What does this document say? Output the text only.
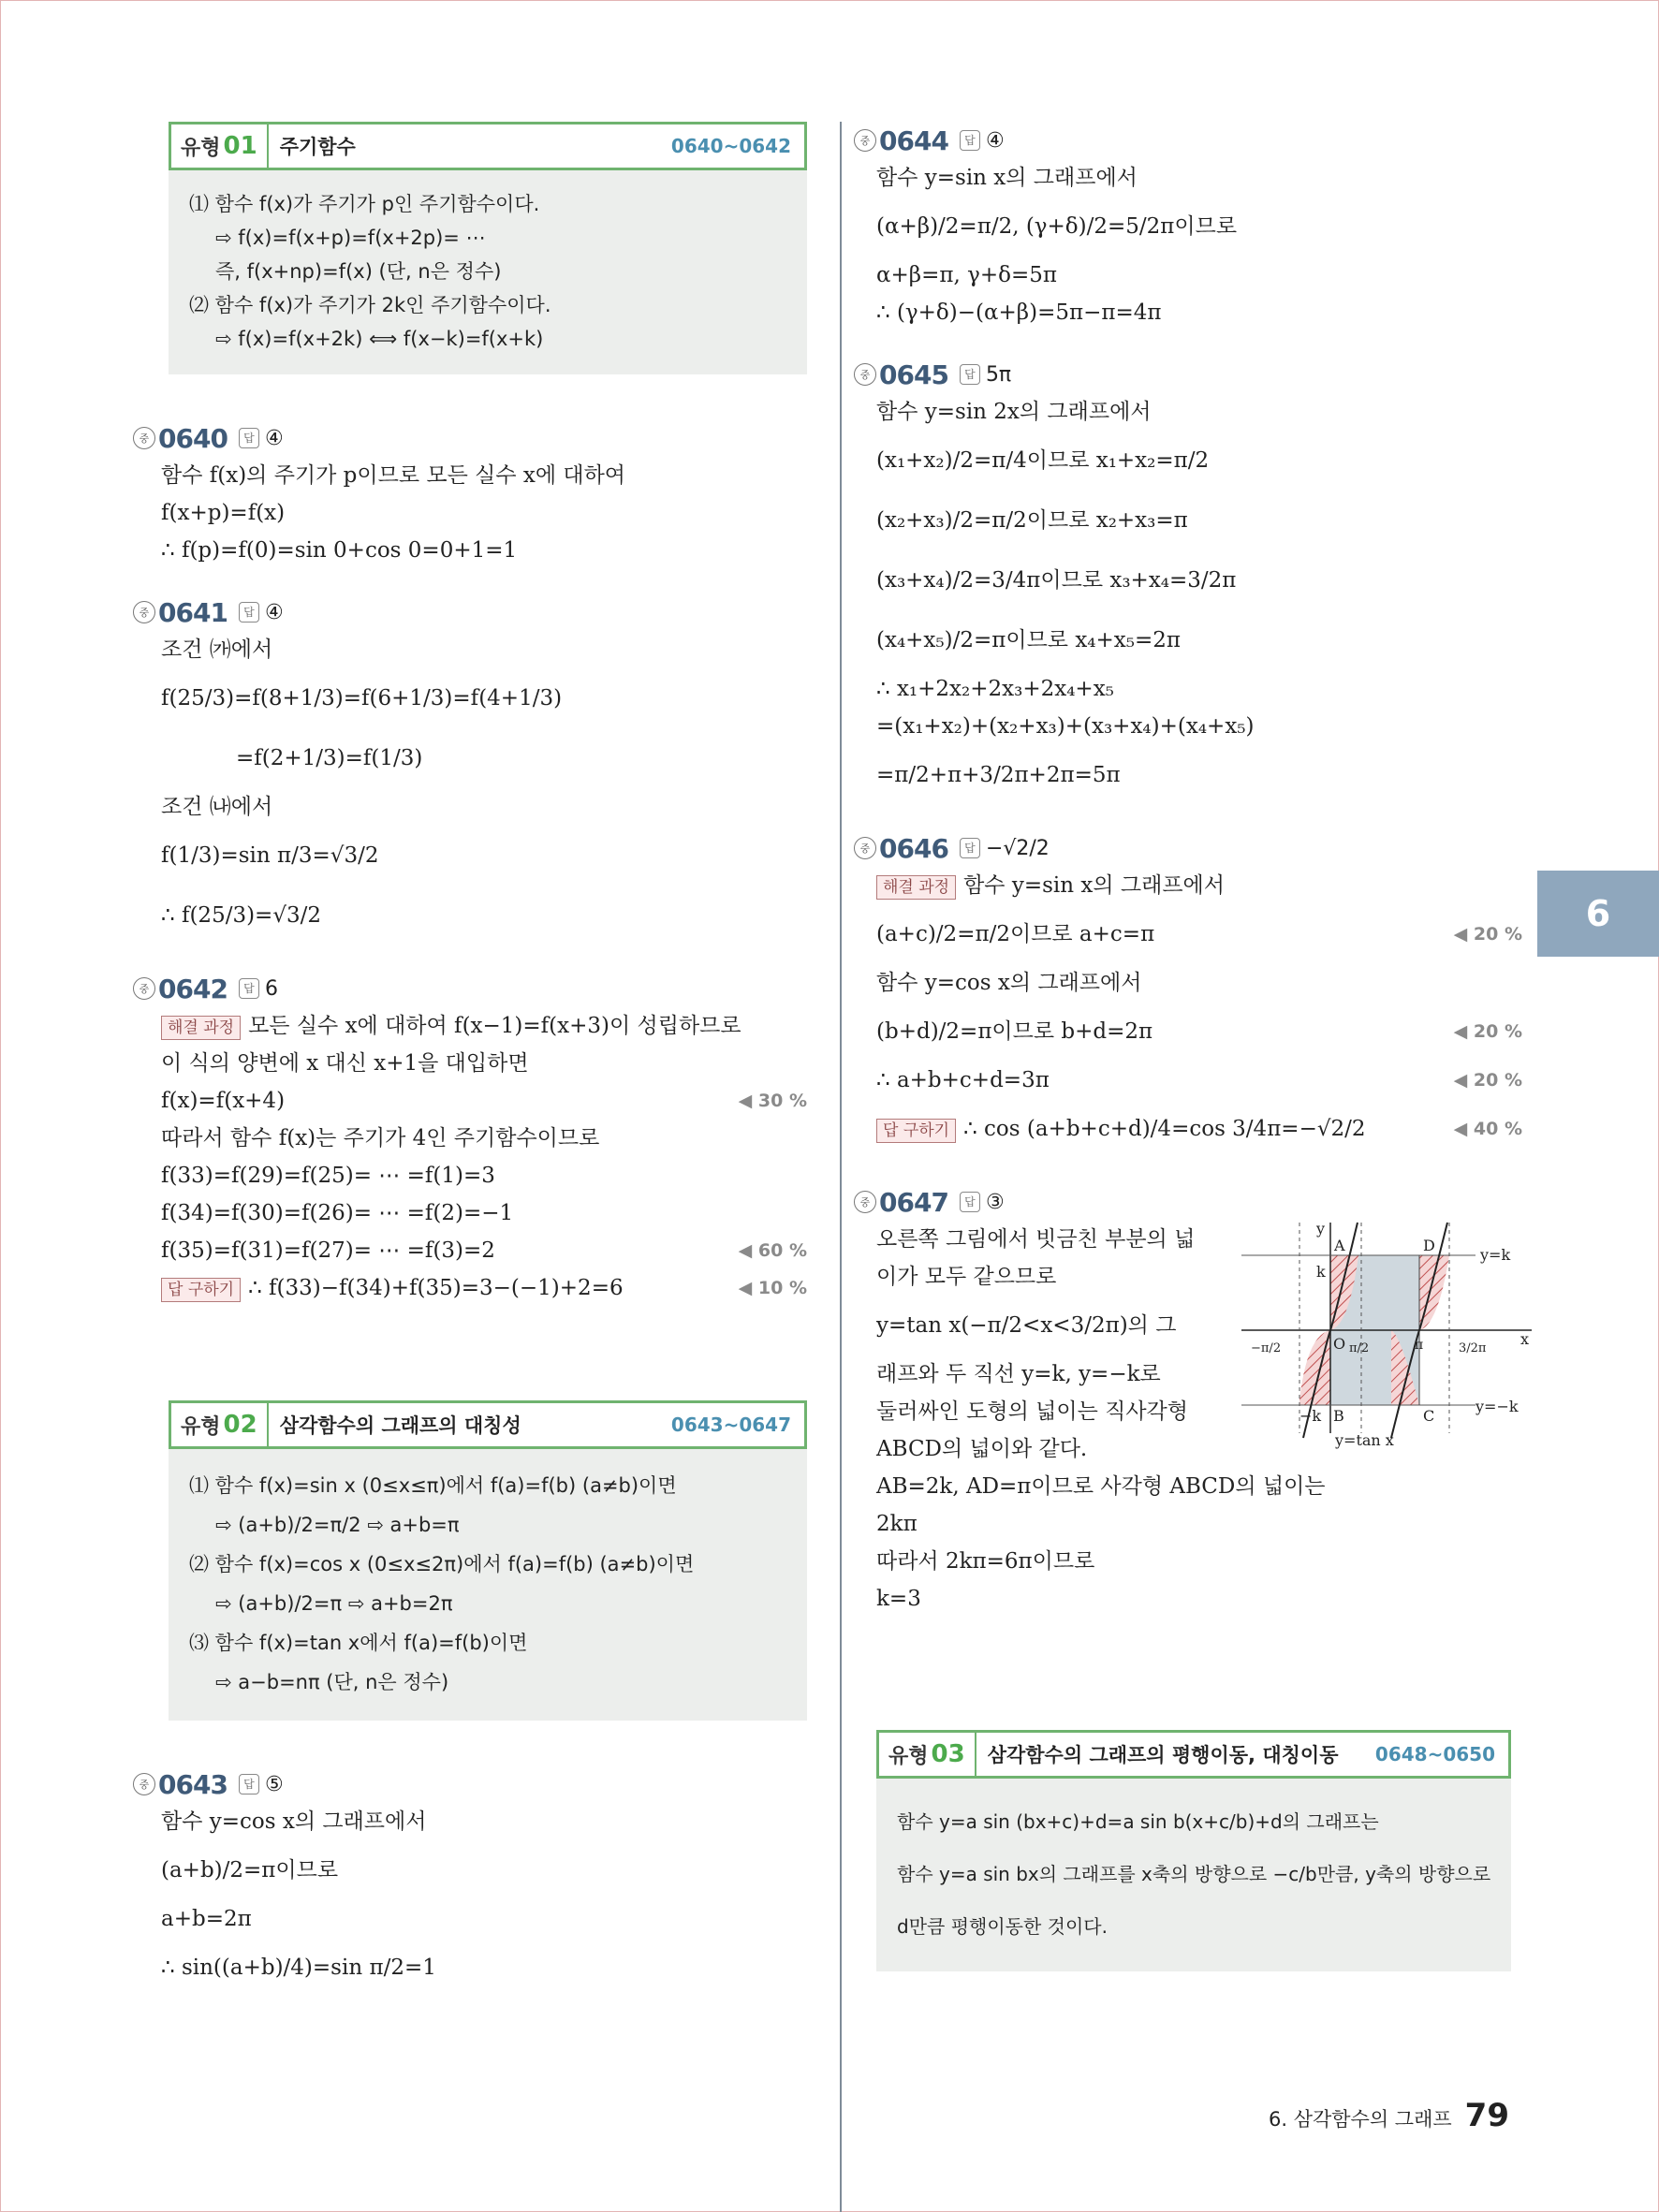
유형 01	주기함수	0640~0642
⑴ 함수 f(x)가 주기가 p인 주기함수이다.
⇨ f(x)=f(x+p)=f(x+2p)= ⋯
즉, f(x+np)=f(x) (단, n은 정수)
⑵ 함수 f(x)가 주기가 2k인 주기함수이다.
⇨ f(x)=f(x+2k) ⟺ f(x−k)=f(x+k)
중 0640	답 ④
함수 f(x)의 주기가 p이므로 모든 실수 x에 대하여
f(x+p)=f(x)
∴ f(p)=f(0)=sin 0+cos 0=0+1=1
중 0641	답 ④
조건 ㈎에서
f(25/3)=f(8+1/3)=f(6+1/3)=f(4+1/3)
=f(2+1/3)=f(1/3)
조건 ㈏에서
f(1/3)=sin π/3=√3/2
∴ f(25/3)=√3/2
중 0642	답 6
해결 과정 모든 실수 x에 대하여 f(x−1)=f(x+3)이 성립하므로
이 식의 양변에 x 대신 x+1을 대입하면
f(x)=f(x+4)	◀ 30 %
따라서 함수 f(x)는 주기가 4인 주기함수이므로
f(33)=f(29)=f(25)= ⋯ =f(1)=3
f(34)=f(30)=f(26)= ⋯ =f(2)=−1
f(35)=f(31)=f(27)= ⋯ =f(3)=2	◀ 60 %
답 구하기 ∴ f(33)−f(34)+f(35)=3−(−1)+2=6	◀ 10 %
유형 02	삼각함수의 그래프의 대칭성	0643~0647
⑴ 함수 f(x)=sin x (0≤x≤π)에서 f(a)=f(b) (a≠b)이면
⇨ (a+b)/2=π/2 ⇨ a+b=π
⑵ 함수 f(x)=cos x (0≤x≤2π)에서 f(a)=f(b) (a≠b)이면
⇨ (a+b)/2=π ⇨ a+b=2π
⑶ 함수 f(x)=tan x에서 f(a)=f(b)이면
⇨ a−b=nπ (단, n은 정수)
중 0643	답 ⑤
함수 y=cos x의 그래프에서
(a+b)/2=π이므로
a+b=2π
∴ sin((a+b)/4)=sin π/2=1
중 0644	답 ④
함수 y=sin x의 그래프에서
(α+β)/2=π/2, (γ+δ)/2=5/2π이므로
α+β=π, γ+δ=5π
∴ (γ+δ)−(α+β)=5π−π=4π
중 0645	답 5π
함수 y=sin 2x의 그래프에서
(x₁+x₂)/2=π/4이므로 x₁+x₂=π/2
(x₂+x₃)/2=π/2이므로 x₂+x₃=π
(x₃+x₄)/2=3/4π이므로 x₃+x₄=3/2π
(x₄+x₅)/2=π이므로 x₄+x₅=2π
∴ x₁+2x₂+2x₃+2x₄+x₅
=(x₁+x₂)+(x₂+x₃)+(x₃+x₄)+(x₄+x₅)
=π/2+π+3/2π+2π=5π
중 0646	답 −√2/2
해결 과정 함수 y=sin x의 그래프에서
(a+c)/2=π/2이므로 a+c=π	◀ 20 %
함수 y=cos x의 그래프에서
(b+d)/2=π이므로 b+d=2π	◀ 20 %
∴ a+b+c+d=3π	◀ 20 %
답 구하기 ∴ cos (a+b+c+d)/4=cos 3/4π=−√2/2	◀ 40 %
중 0647	답 ③
y
A	D
y=k
k
O π/2	π	3/2π
x
−π/2
−k B	C
y=−k
y=tan x
오른쪽 그림에서 빗금친 부분의 넓
이가 모두 같으므로
y=tan x(−π/2<x<3/2π)의 그
래프와 두 직선 y=k, y=−k로
둘러싸인 도형의 넓이는 직사각형
ABCD의 넓이와 같다.
AB=2k, AD=π이므로 사각형 ABCD의 넓이는
2kπ
따라서 2kπ=6π이므로
k=3
유형 03	삼각함수의 그래프의 평행이동, 대칭이동	0648~0650
함수 y=a sin (bx+c)+d=a sin b(x+c/b)+d의 그래프는
함수 y=a sin bx의 그래프를 x축의 방향으로 −c/b만큼, y축의 방향으로
d만큼 평행이동한 것이다.
6
6. 삼각함수의 그래프 79
